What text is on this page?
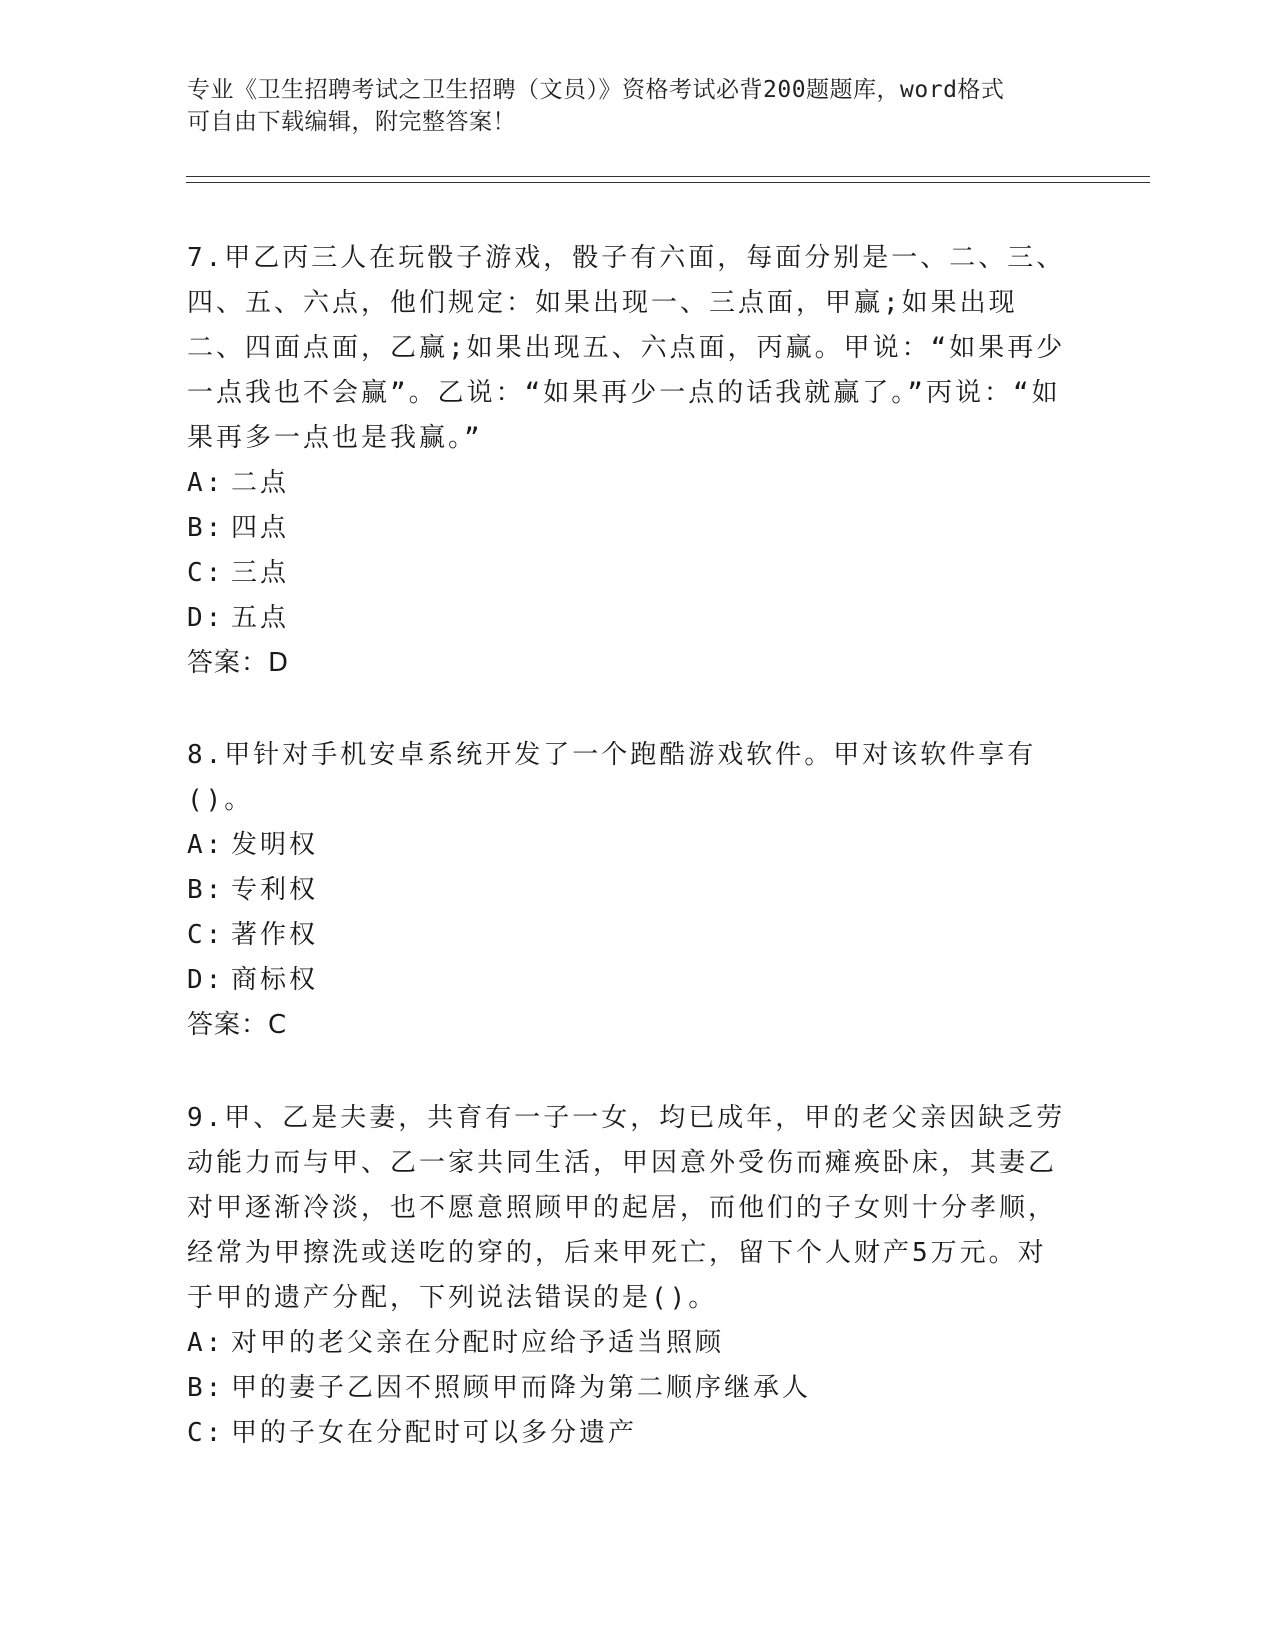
专业《卫生招聘考试之卫生招聘（文员）》资格考试必背200题题库，word格式
可自由下载编辑，附完整答案！

7.甲乙丙三人在玩骰子游戏，骰子有六面，每面分别是一、二、三、四、五、六点，他们规定：如果出现一、三点面，甲赢;如果出现二、四面点面，乙赢;如果出现五、六点面，丙赢。甲说：“如果再少一点我也不会赢”。乙说：“如果再少一点的话我就赢了。”丙说：“如果再多一点也是我赢。”

A: 二点
B: 四点
C: 三点
D: 五点

答案：D

8.甲针对手机安卓系统开发了一个跑酷游戏软件。甲对该软件享有()。

A: 发明权
B: 专利权
C: 著作权
D: 商标权

答案：C

9.甲、乙是夫妻，共育有一子一女，均已成年，甲的老父亲因缺乏劳动能力而与甲、乙一家共同生活，甲因意外受伤而瘫痪卧床，其妻乙对甲逐渐冷淡，也不愿意照顾甲的起居，而他们的子女则十分孝顺，经常为甲擦洗或送吃的穿的，后来甲死亡，留下个人财产5万元。对于甲的遗产分配，下列说法错误的是()。

A: 对甲的老父亲在分配时应给予适当照顾
B: 甲的妻子乙因不照顾甲而降为第二顺序继承人
C: 甲的子女在分配时可以多分遗产
